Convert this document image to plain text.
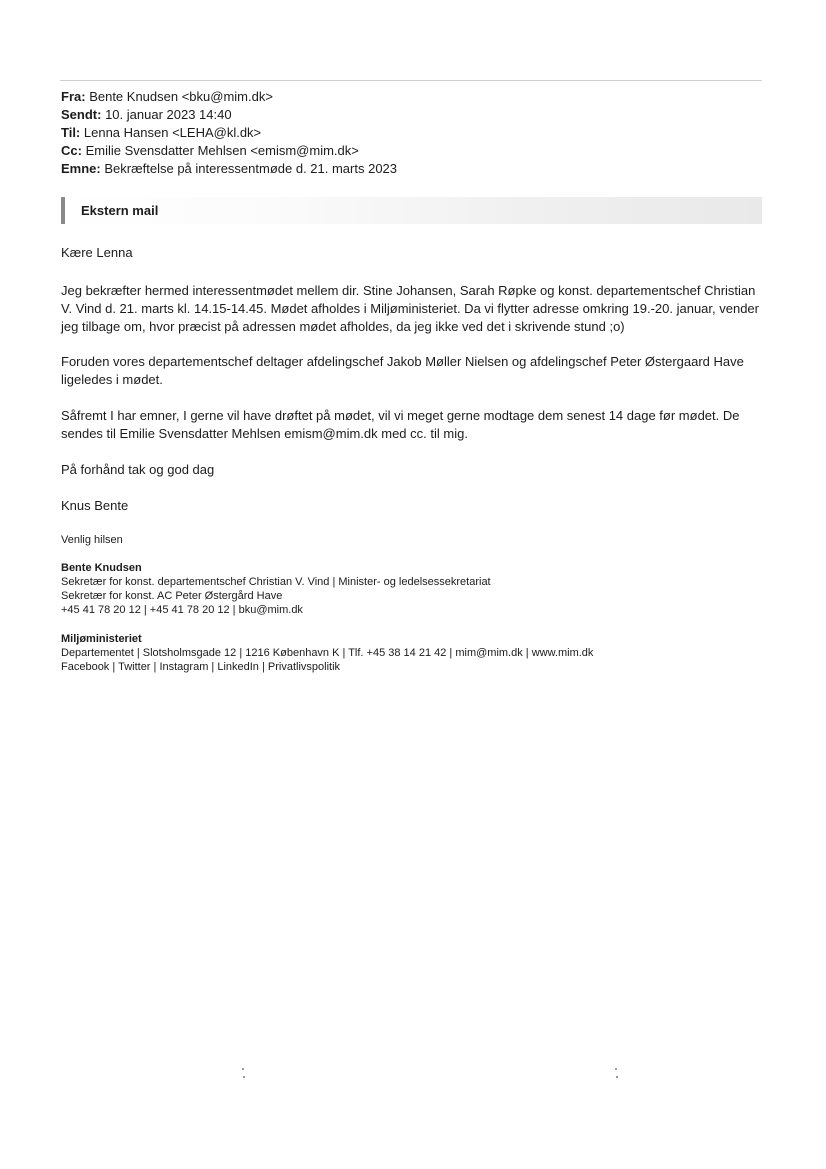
Fra: Bente Knudsen <bku@mim.dk>
Sendt: 10. januar 2023 14:40
Til: Lenna Hansen <LEHA@kl.dk>
Cc: Emilie Svensdatter Mehlsen <emism@mim.dk>
Emne: Bekræftelse på interessentmøde d. 21. marts 2023
Ekstern mail
Kære Lenna
Jeg bekræfter hermed interessentmødet mellem dir. Stine Johansen, Sarah Røpke og konst. departementschef Christian V. Vind d. 21. marts kl. 14.15-14.45. Mødet afholdes i Miljøministeriet. Da vi flytter adresse omkring 19.-20. januar, vender jeg tilbage om, hvor præcist på adressen mødet afholdes, da jeg ikke ved det i skrivende stund ;o)
Foruden vores departementschef deltager afdelingschef Jakob Møller Nielsen og afdelingschef Peter Østergaard Have ligeledes i mødet.
Såfremt I har emner, I gerne vil have drøftet på mødet, vil vi meget gerne modtage dem senest 14 dage før mødet. De sendes til Emilie Svensdatter Mehlsen emism@mim.dk med cc. til mig.
På forhånd tak og god dag
Knus Bente
Venlig hilsen
Bente Knudsen
Sekretær for konst. departementschef Christian V. Vind | Minister- og ledelsessekretariat
Sekretær for konst. AC Peter Østergård Have
+45 41 78 20 12 | +45 41 78 20 12 | bku@mim.dk
Miljøministeriet
Departementet | Slotsholmsgade 12 | 1216 København K | Tlf. +45 38 14 21 42 | mim@mim.dk | www.mim.dk
Facebook | Twitter | Instagram | LinkedIn | Privatlivspolitik
